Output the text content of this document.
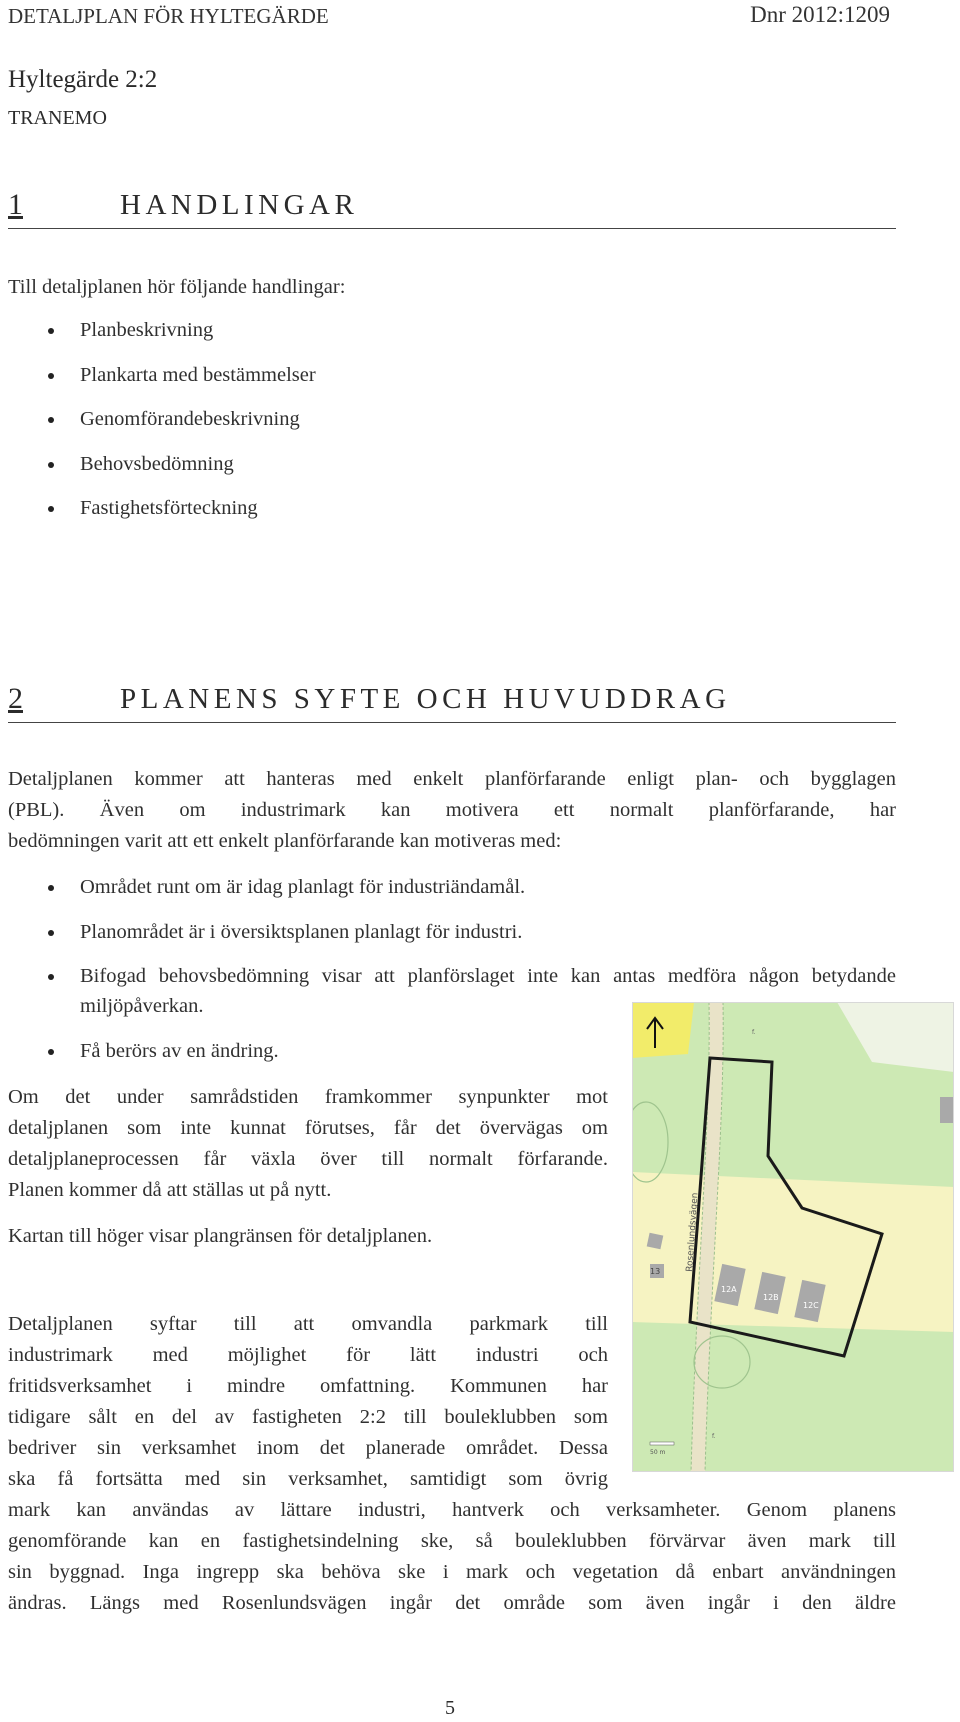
DETALJPLAN FÖR HYLTEGÄRDE	Dnr 2012:1209
Hyltegärde 2:2
TRANEMO
1	HANDLINGAR
Till detaljplanen hör följande handlingar:
Planbeskrivning
Plankarta med bestämmelser
Genomförandebeskrivning
Behovsbedömning
Fastighetsförteckning
2	PLANENS SYFTE OCH HUVUDDRAG
Detaljplanen kommer att hanteras med enkelt planförfarande enligt plan- och bygglagen
(PBL). Även om industrimark kan motivera ett normalt planförfarande, har
bedömningen varit att ett enkelt planförfarande kan motiveras med:
Området runt om är idag planlagt för industriändamål.
Planområdet är i översiktsplanen planlagt för industri.
Bifogad behovsbedömning visar att planförslaget inte kan antas medföra någon betydande miljöpåverkan.
Få berörs av en ändring.
Om det under samrådstiden framkommer synpunkter mot
detaljplanen som inte kunnat förutses, får det övervägas om
detaljplaneprocessen får växla över till normalt förfarande.
Planen kommer då att ställas ut på nytt.
Kartan till höger visar plangränsen för detaljplanen.
Detaljplanen syftar till att omvandla parkmark till
industrimark med möjlighet för lätt industri och
fritidsverksamhet i mindre omfattning. Kommunen har
tidigare sålt en del av fastigheten 2:2 till bouleklubben som
bedriver sin verksamhet inom det planerade området. Dessa
ska få fortsätta med sin verksamhet, samtidigt som övrig
mark kan användas av lättare industri, hantverk och verksamheter. Genom planens
genomförande kan en fastighetsindelning ske, så bouleklubben förvärvar även mark till
sin byggnad. Inga ingrepp ska behöva ske i mark och vegetation då enbart användningen
ändras. Längs med Rosenlundsvägen ingår det område som även ingår i den äldre
Rosenlundsvägen
13
12A
12B
12C
f.
f.
50 m
5
